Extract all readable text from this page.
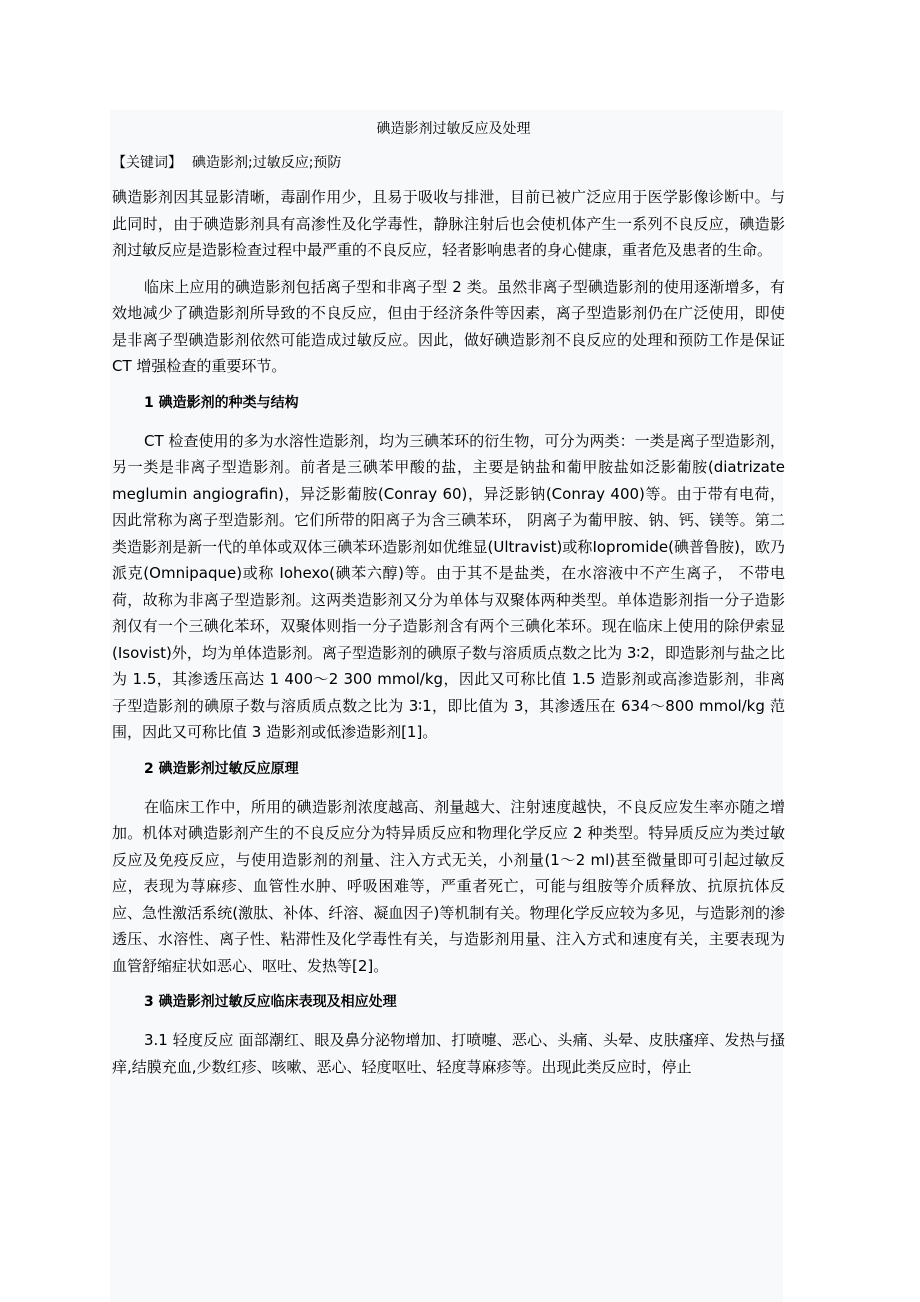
碘造影剂过敏反应及处理
【关键词】 碘造影剂;过敏反应;预防

碘造影剂因其显影清晰，毒副作用少，且易于吸收与排泄，目前已被广泛应用于医学影像诊断中。与此同时，由于碘造影剂具有高渗性及化学毒性，静脉注射后也会使机体产生一系列不良反应，碘造影剂过敏反应是造影检查过程中最严重的不良反应，轻者影响患者的身心健康，重者危及患者的生命。

临床上应用的碘造影剂包括离子型和非离子型 2 类。虽然非离子型碘造影剂的使用逐渐增多，有效地减少了碘造影剂所导致的不良反应，但由于经济条件等因素，离子型造影剂仍在广泛使用，即使是非离子型碘造影剂依然可能造成过敏反应。因此，做好碘造影剂不良反应的处理和预防工作是保证 CT 增强检查的重要环节。

1 碘造影剂的种类与结构

CT 检查使用的多为水溶性造影剂，均为三碘苯环的衍生物，可分为两类：一类是离子型造影剂，另一类是非离子型造影剂。前者是三碘苯甲酸的盐，主要是钠盐和葡甲胺盐如泛影葡胺(diatrizate meglumin angiografin)，异泛影葡胺(Conray 60)，异泛影钠(Conray 400)等。由于带有电荷，因此常称为离子型造影剂。它们所带的阳离子为含三碘苯环， 阴离子为葡甲胺、钠、钙、镁等。第二类造影剂是新一代的单体或双体三碘苯环造影剂如优维显(Ultravist)或称Iopromide(碘普鲁胺)，欧乃派克(Omnipaque)或称 Iohexo(碘苯六醇)等。由于其不是盐类，在水溶液中不产生离子， 不带电荷，故称为非离子型造影剂。这两类造影剂又分为单体与双聚体两种类型。单体造影剂指一分子造影剂仅有一个三碘化苯环，双聚体则指一分子造影剂含有两个三碘化苯环。现在临床上使用的除伊索显(Isovist)外，均为单体造影剂。离子型造影剂的碘原子数与溶质质点数之比为 3∶2，即造影剂与盐之比为 1.5，其渗透压高达 1 400～2 300 mmol/kg，因此又可称比值 1.5 造影剂或高渗造影剂，非离子型造影剂的碘原子数与溶质质点数之比为 3∶1，即比值为 3，其渗透压在 634～800 mmol/kg 范围，因此又可称比值 3 造影剂或低渗造影剂[1]。

2 碘造影剂过敏反应原理

在临床工作中，所用的碘造影剂浓度越高、剂量越大、注射速度越快，不良反应发生率亦随之增加。机体对碘造影剂产生的不良反应分为特异质反应和物理化学反应 2 种类型。特异质反应为类过敏反应及免疫反应，与使用造影剂的剂量、注入方式无关，小剂量(1～2 ml)甚至微量即可引起过敏反应，表现为荨麻疹、血管性水肿、呼吸困难等，严重者死亡，可能与组胺等介质释放、抗原抗体反应、急性激活系统(激肽、补体、纤溶、凝血因子)等机制有关。物理化学反应较为多见，与造影剂的渗透压、水溶性、离子性、粘滞性及化学毒性有关，与造影剂用量、注入方式和速度有关，主要表现为血管舒缩症状如恶心、呕吐、发热等[2]。

3 碘造影剂过敏反应临床表现及相应处理

3.1 轻度反应 面部潮红、眼及鼻分泌物增加、打喷嚏、恶心、头痛、头晕、皮肤瘙痒、发热与搔痒,结膜充血,少数红疹、咳嗽、恶心、轻度呕吐、轻度荨麻疹等。出现此类反应时，停止
